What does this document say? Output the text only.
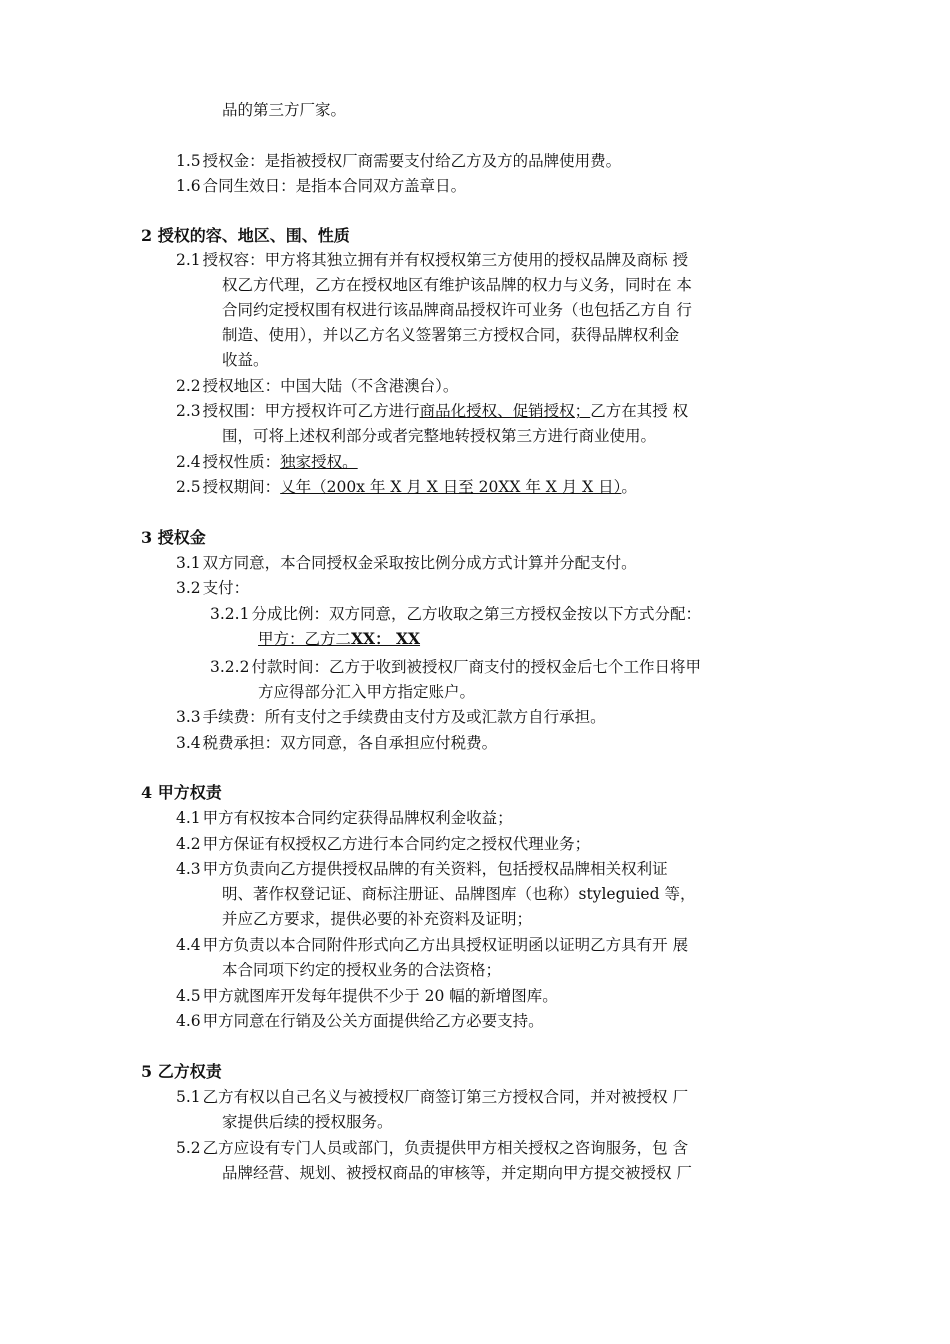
品的第三方厂家。
1.5 授权金：是指被授权厂商需要支付给乙方及方的品牌使用费。
1.6 合同生效日：是指本合同双方盖章日。
2 授权的容、地区、围、性质
2.1 授权容：甲方将其独立拥有并有权授权第三方使用的授权品牌及商标 授
权乙方代理，乙方在授权地区有维护该品牌的权力与义务，同时在 本
合同约定授权围有权进行该品牌商品授权许可业务（也包括乙方自 行
制造、使用），并以乙方名义签署第三方授权合同，获得品牌权利金
收益。
2.2 授权地区：中国大陆（不含港澳台）。
2.3 授权围：甲方授权许可乙方进行商品化授权、促销授权；乙方在其授 权
围，可将上述权利部分或者完整地转授权第三方进行商业使用。
2.4 授权性质：独家授权。
2.5 授权期间：乂年（200x 年 X 月 X 日至 20XX 年 X 月 X 日）。
3 授权金
3.1 双方同意，本合同授权金采取按比例分成方式计算并分配支付。
3.2 支付：
3.2.1 分成比例：双方同意，乙方收取之第三方授权金按以下方式分配：
甲方：乙方二XX： XX
3.2.2 付款时间：乙方于收到被授权厂商支付的授权金后七个工作日将甲
方应得部分汇入甲方指定账户。
3.3 手续费：所有支付之手续费由支付方及或汇款方自行承担。
3.4 税费承担：双方同意，各自承担应付税费。
4 甲方权责
4.1 甲方有权按本合同约定获得品牌权利金收益；
4.2 甲方保证有权授权乙方进行本合同约定之授权代理业务；
4.3 甲方负责向乙方提供授权品牌的有关资料，包括授权品牌相关权利证
明、著作权登记证、商标注册证、品牌图库（也称）styleguied 等，
并应乙方要求，提供必要的补充资料及证明；
4.4 甲方负责以本合同附件形式向乙方出具授权证明函以证明乙方具有开 展
本合同项下约定的授权业务的合法资格；
4.5 甲方就图库开发每年提供不少于 20 幅的新增图库。
4.6 甲方同意在行销及公关方面提供给乙方必要支持。
5 乙方权责
5.1 乙方有权以自己名义与被授权厂商签订第三方授权合同，并对被授权 厂
家提供后续的授权服务。
5.2 乙方应设有专门人员或部门，负责提供甲方相关授权之咨询服务，包 含
品牌经营、规划、被授权商品的审核等，并定期向甲方提交被授权 厂
